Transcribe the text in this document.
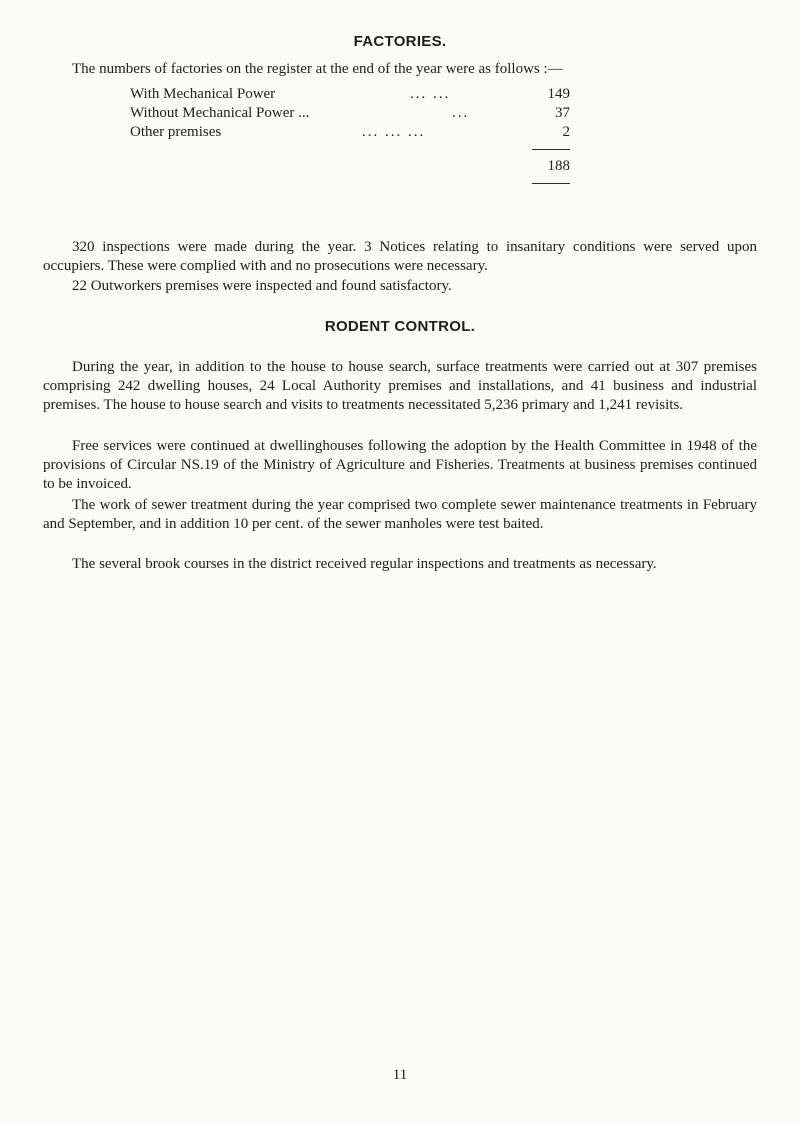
FACTORIES.

The numbers of factories on the register at the end of the year were as follows :—

With Mechanical Power	... ...	149
Without Mechanical Power ...	...	37
Other premises	... ... ...	2
188

320 inspections were made during the year. 3 Notices relating to insanitary conditions were served upon occupiers. These were complied with and no prosecutions were necessary.

22 Outworkers premises were inspected and found satisfactory.

RODENT CONTROL.

During the year, in addition to the house to house search, surface treatments were carried out at 307 premises comprising 242 dwelling houses, 24 Local Authority premises and installations, and 41 business and industrial premises. The house to house search and visits to treatments necessitated 5,236 primary and 1,241 revisits.

Free services were continued at dwellinghouses following the adoption by the Health Committee in 1948 of the provisions of Circular NS.19 of the Ministry of Agriculture and Fisheries. Treatments at business premises continued to be invoiced.

The work of sewer treatment during the year comprised two complete sewer maintenance treatments in February and September, and in addition 10 per cent. of the sewer manholes were test baited.

The several brook courses in the district received regular inspections and treatments as necessary.

11
